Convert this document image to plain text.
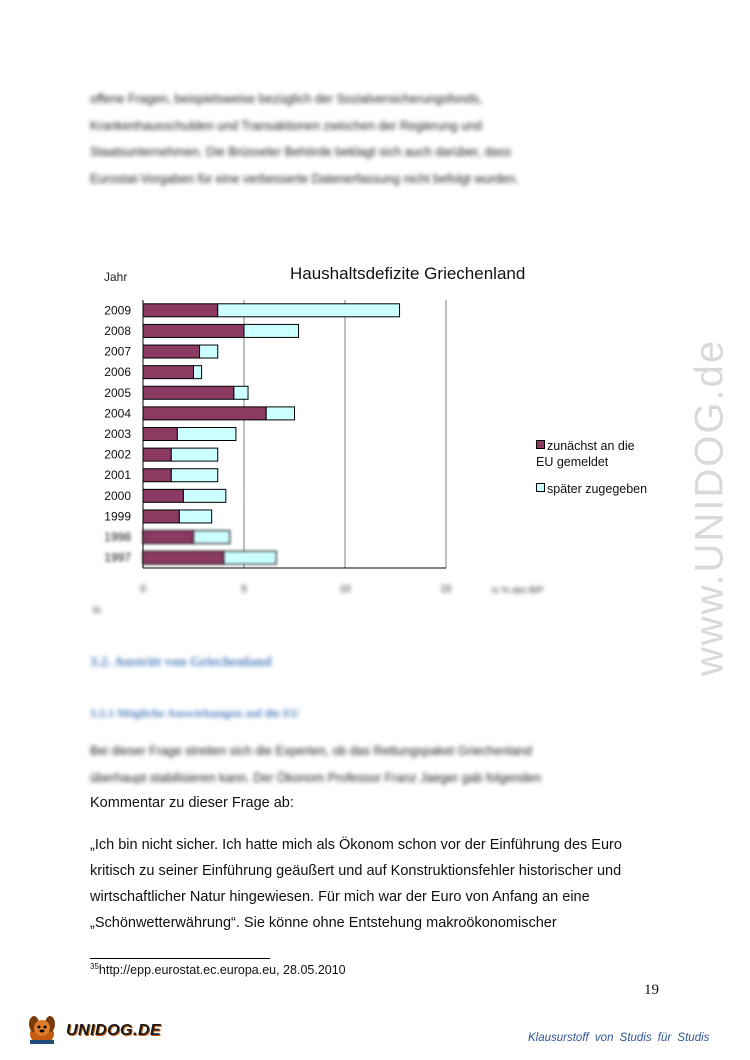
offene Fragen, beispielsweise bezüglich der Sozialversicherungsfonds,

Krankenhausschulden und Transaktionen zwischen der Regierung und

Staatsunternehmen. Die Brüsseler Behörde beklagt sich auch darüber, dass

Eurostat-Vorgaben für eine verbesserte Datenerfassung nicht befolgt wurden.

Jahr	Haushaltsdefizite Griechenland
2009
2008
2007
2006
2005
2004
2003
2002
2001
2000
1999
1998
1997
0	5	10	15
zunächst an die EU gemeldet
später zugegeben
in % des BIP
35
3.2. Austritt von Griechenland
3.2.1 Mögliche Auswirkungen auf die EU

Bei dieser Frage streiten sich die Experten, ob das Rettungspaket Griechenland

überhaupt stabilisieren kann. Der Ökonom Professor Franz Jaeger gab folgenden

Kommentar zu dieser Frage ab:

„Ich bin nicht sicher. Ich hatte mich als Ökonom schon vor der Einführung des Euro

kritisch zu seiner Einführung geäußert und auf Konstruktionsfehler historischer und

wirtschaftlicher Natur hingewiesen. Für mich war der Euro von Anfang an eine

„Schönwetterwährung“. Sie könne ohne Entstehung makroökonomischer

$^{35}$http://epp.eurostat.ec.europa.eu, 28.05.2010
19
www.UNIDOG.de
UNIDOG.DE	Klausurstoff von Studis für Studis
